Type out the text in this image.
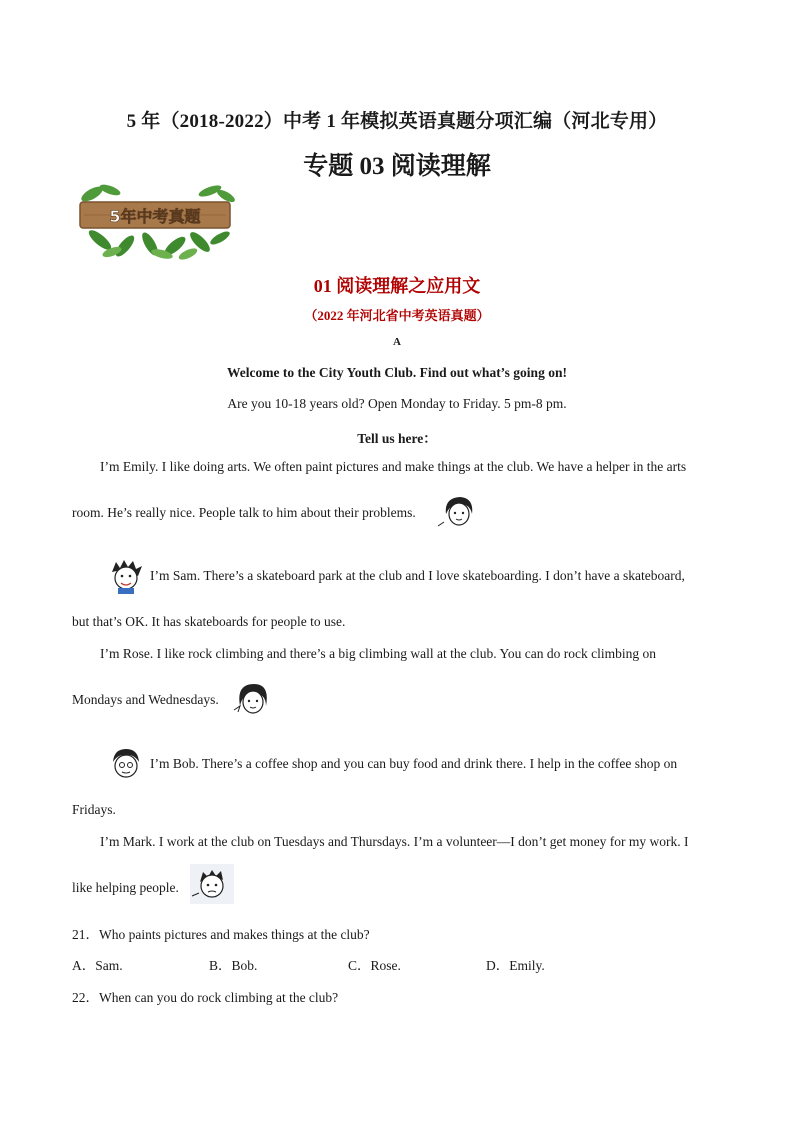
5 年（2018-2022）中考 1 年模拟英语真题分项汇编（河北专用）
专题 03 阅读理解
5年中考真题
01 阅读理解之应用文
（2022 年河北省中考英语真题）
A
Welcome to the City Youth Club. Find out what’s going on!
Are you 10-18 years old? Open Monday to Friday. 5 pm-8 pm.
Tell us here：
I’m Emily. I like doing arts. We often paint pictures and make things at the club. We have a helper in the arts
room. He’s really nice. People talk to him about their problems.
I’m Sam. There’s a skateboard park at the club and I love skateboarding. I don’t have a skateboard,
but that’s OK. It has skateboards for people to use.
I’m Rose. I like rock climbing and there’s a big climbing wall at the club. You can do rock climbing on
Mondays and Wednesdays.
I’m Bob. There’s a coffee shop and you can buy food and drink there. I help in the coffee shop on
Fridays.
I’m Mark. I work at the club on Tuesdays and Thursdays. I’m a volunteer—I don’t get money for my work. I
like helping people.
21．Who paints pictures and makes things at the club?
A．Sam.	B．Bob.	C．Rose.	D．Emily.
22．When can you do rock climbing at the club?
